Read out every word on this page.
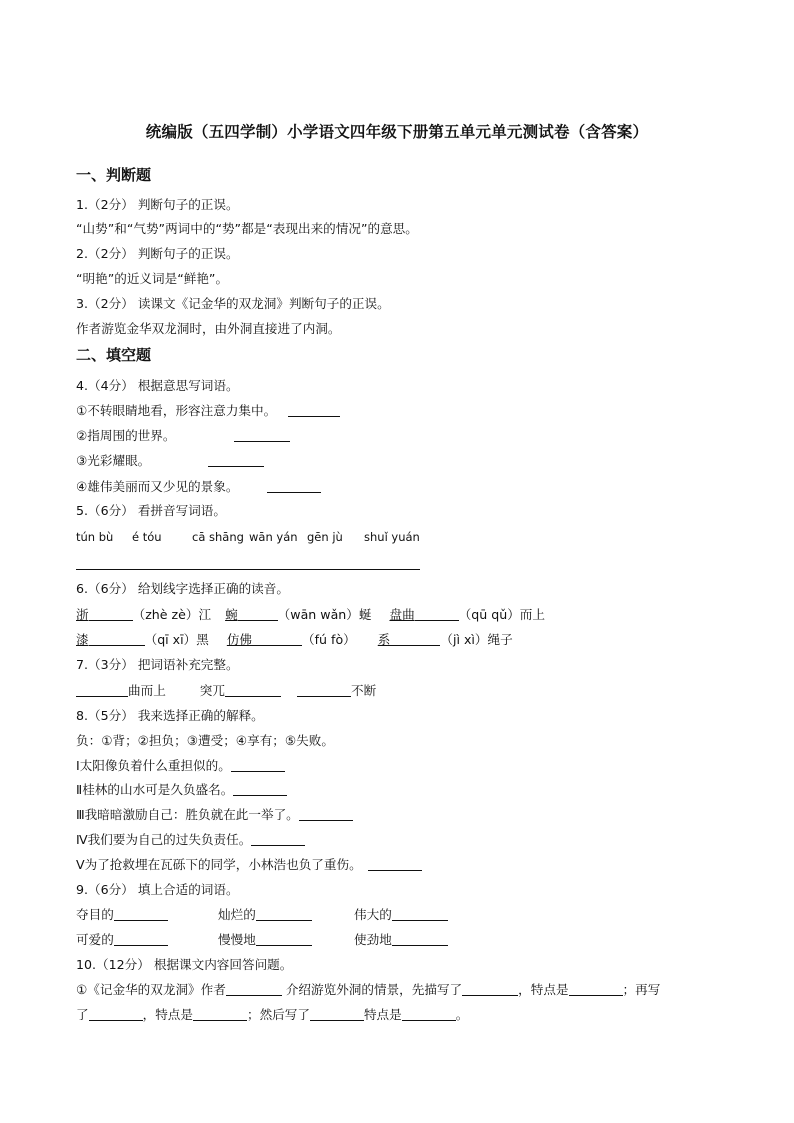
统编版（五四学制）小学语文四年级下册第五单元单元测试卷（含答案）
一、判断题
1.（2分） 判断句子的正误。
“山势”和“气势”两词中的“势”都是“表现出来的情况”的意思。
2.（2分） 判断句子的正误。
“明艳”的近义词是“鲜艳”。
3.（2分） 读课文《记金华的双龙洞》判断句子的正误。
作者游览金华双龙洞时，由外洞直接进了内洞。
二、填空题
4.（4分） 根据意思写词语。
①不转眼睛地看，形容注意力集中。
②指周围的世界。
③光彩耀眼。
④雄伟美丽而又少见的景象。
5.（6分） 看拼音写词语。
tún bù é tóu	cā shāng wān yán gēn jù shuǐ yuán
6.（6分） 给划线字选择正确的读音。
浙	（zhè zè）江 蜿	（wān wǎn）蜒 盘曲	（qū qǔ）而上
漆	（qī xī）黑 仿佛	（fú fò） 系	（jì xì）绳子
7.（3分） 把词语补充完整。
曲而上	突兀	不断
8.（5分） 我来选择正确的解释。
负：①背；②担负；③遭受；④享有；⑤失败。
Ⅰ太阳像负着什么重担似的。
Ⅱ桂林的山水可是久负盛名。
Ⅲ我暗暗激励自己：胜负就在此一举了。
Ⅳ我们要为自己的过失负责任。
Ⅴ为了抢救埋在瓦砾下的同学，小林浩也负了重伤。
9.（6分） 填上合适的词语。
夺目的	灿烂的	伟大的
可爱的	慢慢地	使劲地
10.（12分） 根据课文内容回答问题。
①《记金华的双龙洞》作者	介绍游览外洞的情景，先描写了	，特点是	；再写
了	，特点是	；然后写了	特点是	。
